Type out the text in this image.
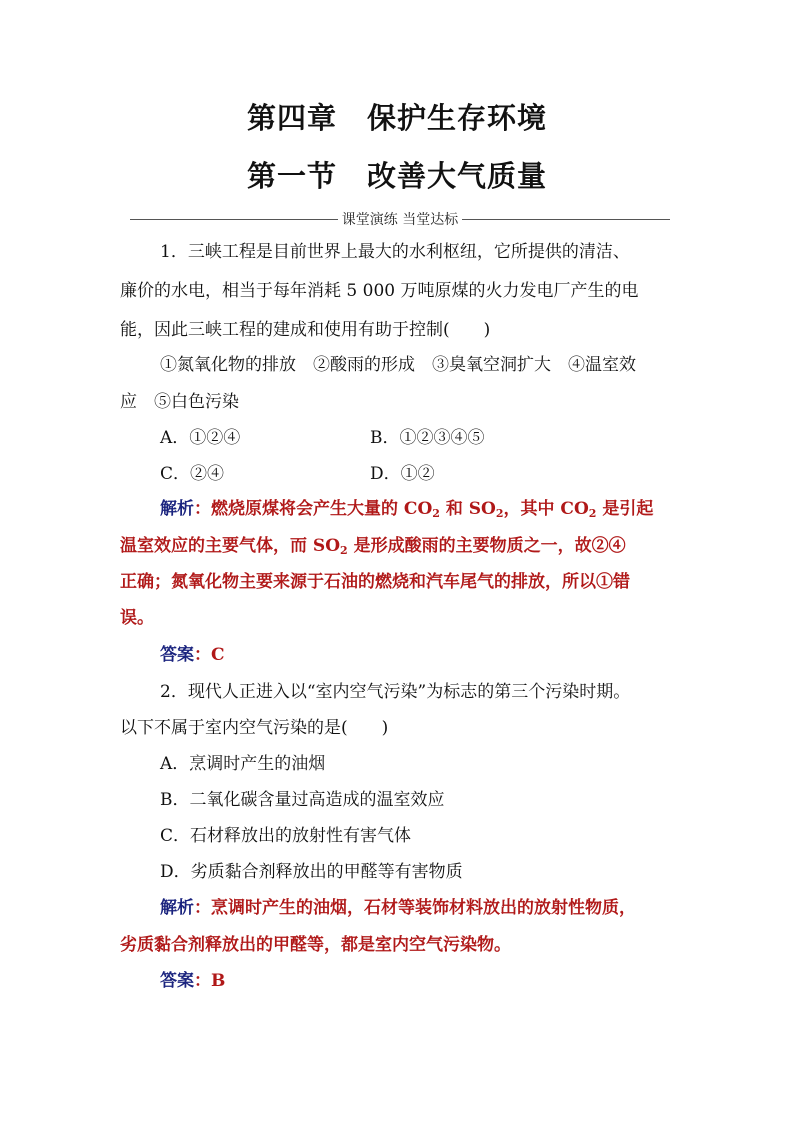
第四章　保护生存环境
第一节　改善大气质量
课堂演练 当堂达标
1．三峡工程是目前世界上最大的水利枢纽，它所提供的清洁、
廉价的水电，相当于每年消耗 5 000 万吨原煤的火力发电厂产生的电
能，因此三峡工程的建成和使用有助于控制(　　)
①氮氧化物的排放　②酸雨的形成　③臭氧空洞扩大　④温室效
应　⑤白色污染
A．①②④	B．①②③④⑤
C．②④	D．①②
解析：燃烧原煤将会产生大量的 $CO_2$ 和 $SO_2$，其中 $CO_2$ 是引起
温室效应的主要气体，而 $SO_2$ 是形成酸雨的主要物质之一，故②④
正确；氮氧化物主要来源于石油的燃烧和汽车尾气的排放，所以①错
误。
答案：C
2．现代人正进入以“室内空气污染”为标志的第三个污染时期。
以下不属于室内空气污染的是(　　)
A．烹调时产生的油烟
B．二氧化碳含量过高造成的温室效应
C．石材释放出的放射性有害气体
D．劣质黏合剂释放出的甲醛等有害物质
解析：烹调时产生的油烟，石材等装饰材料放出的放射性物质，
劣质黏合剂释放出的甲醛等，都是室内空气污染物。
答案：B
